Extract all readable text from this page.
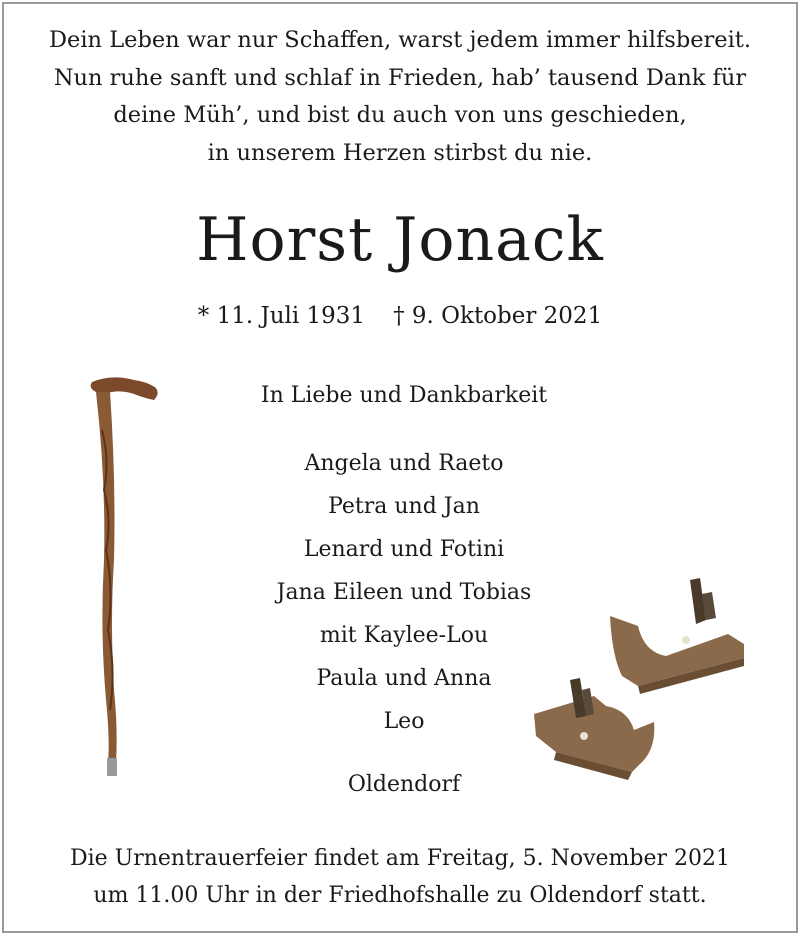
Dein Leben war nur Schaffen, warst jedem immer hilfsbereit.
Nun ruhe sanft und schlaf in Frieden, hab’ tausend Dank für
deine Müh’, und bist du auch von uns geschieden,
in unserem Herzen stirbst du nie.
Horst Jonack
* 11. Juli 1931 † 9. Oktober 2021
In Liebe und Dankbarkeit
Angela und Raeto
Petra und Jan
Lenard und Fotini
Jana Eileen und Tobias
mit Kaylee-Lou
Paula und Anna
Leo
Oldendorf
Die Urnentrauerfeier findet am Freitag, 5. November 2021
um 11.00 Uhr in der Friedhofshalle zu Oldendorf statt.
